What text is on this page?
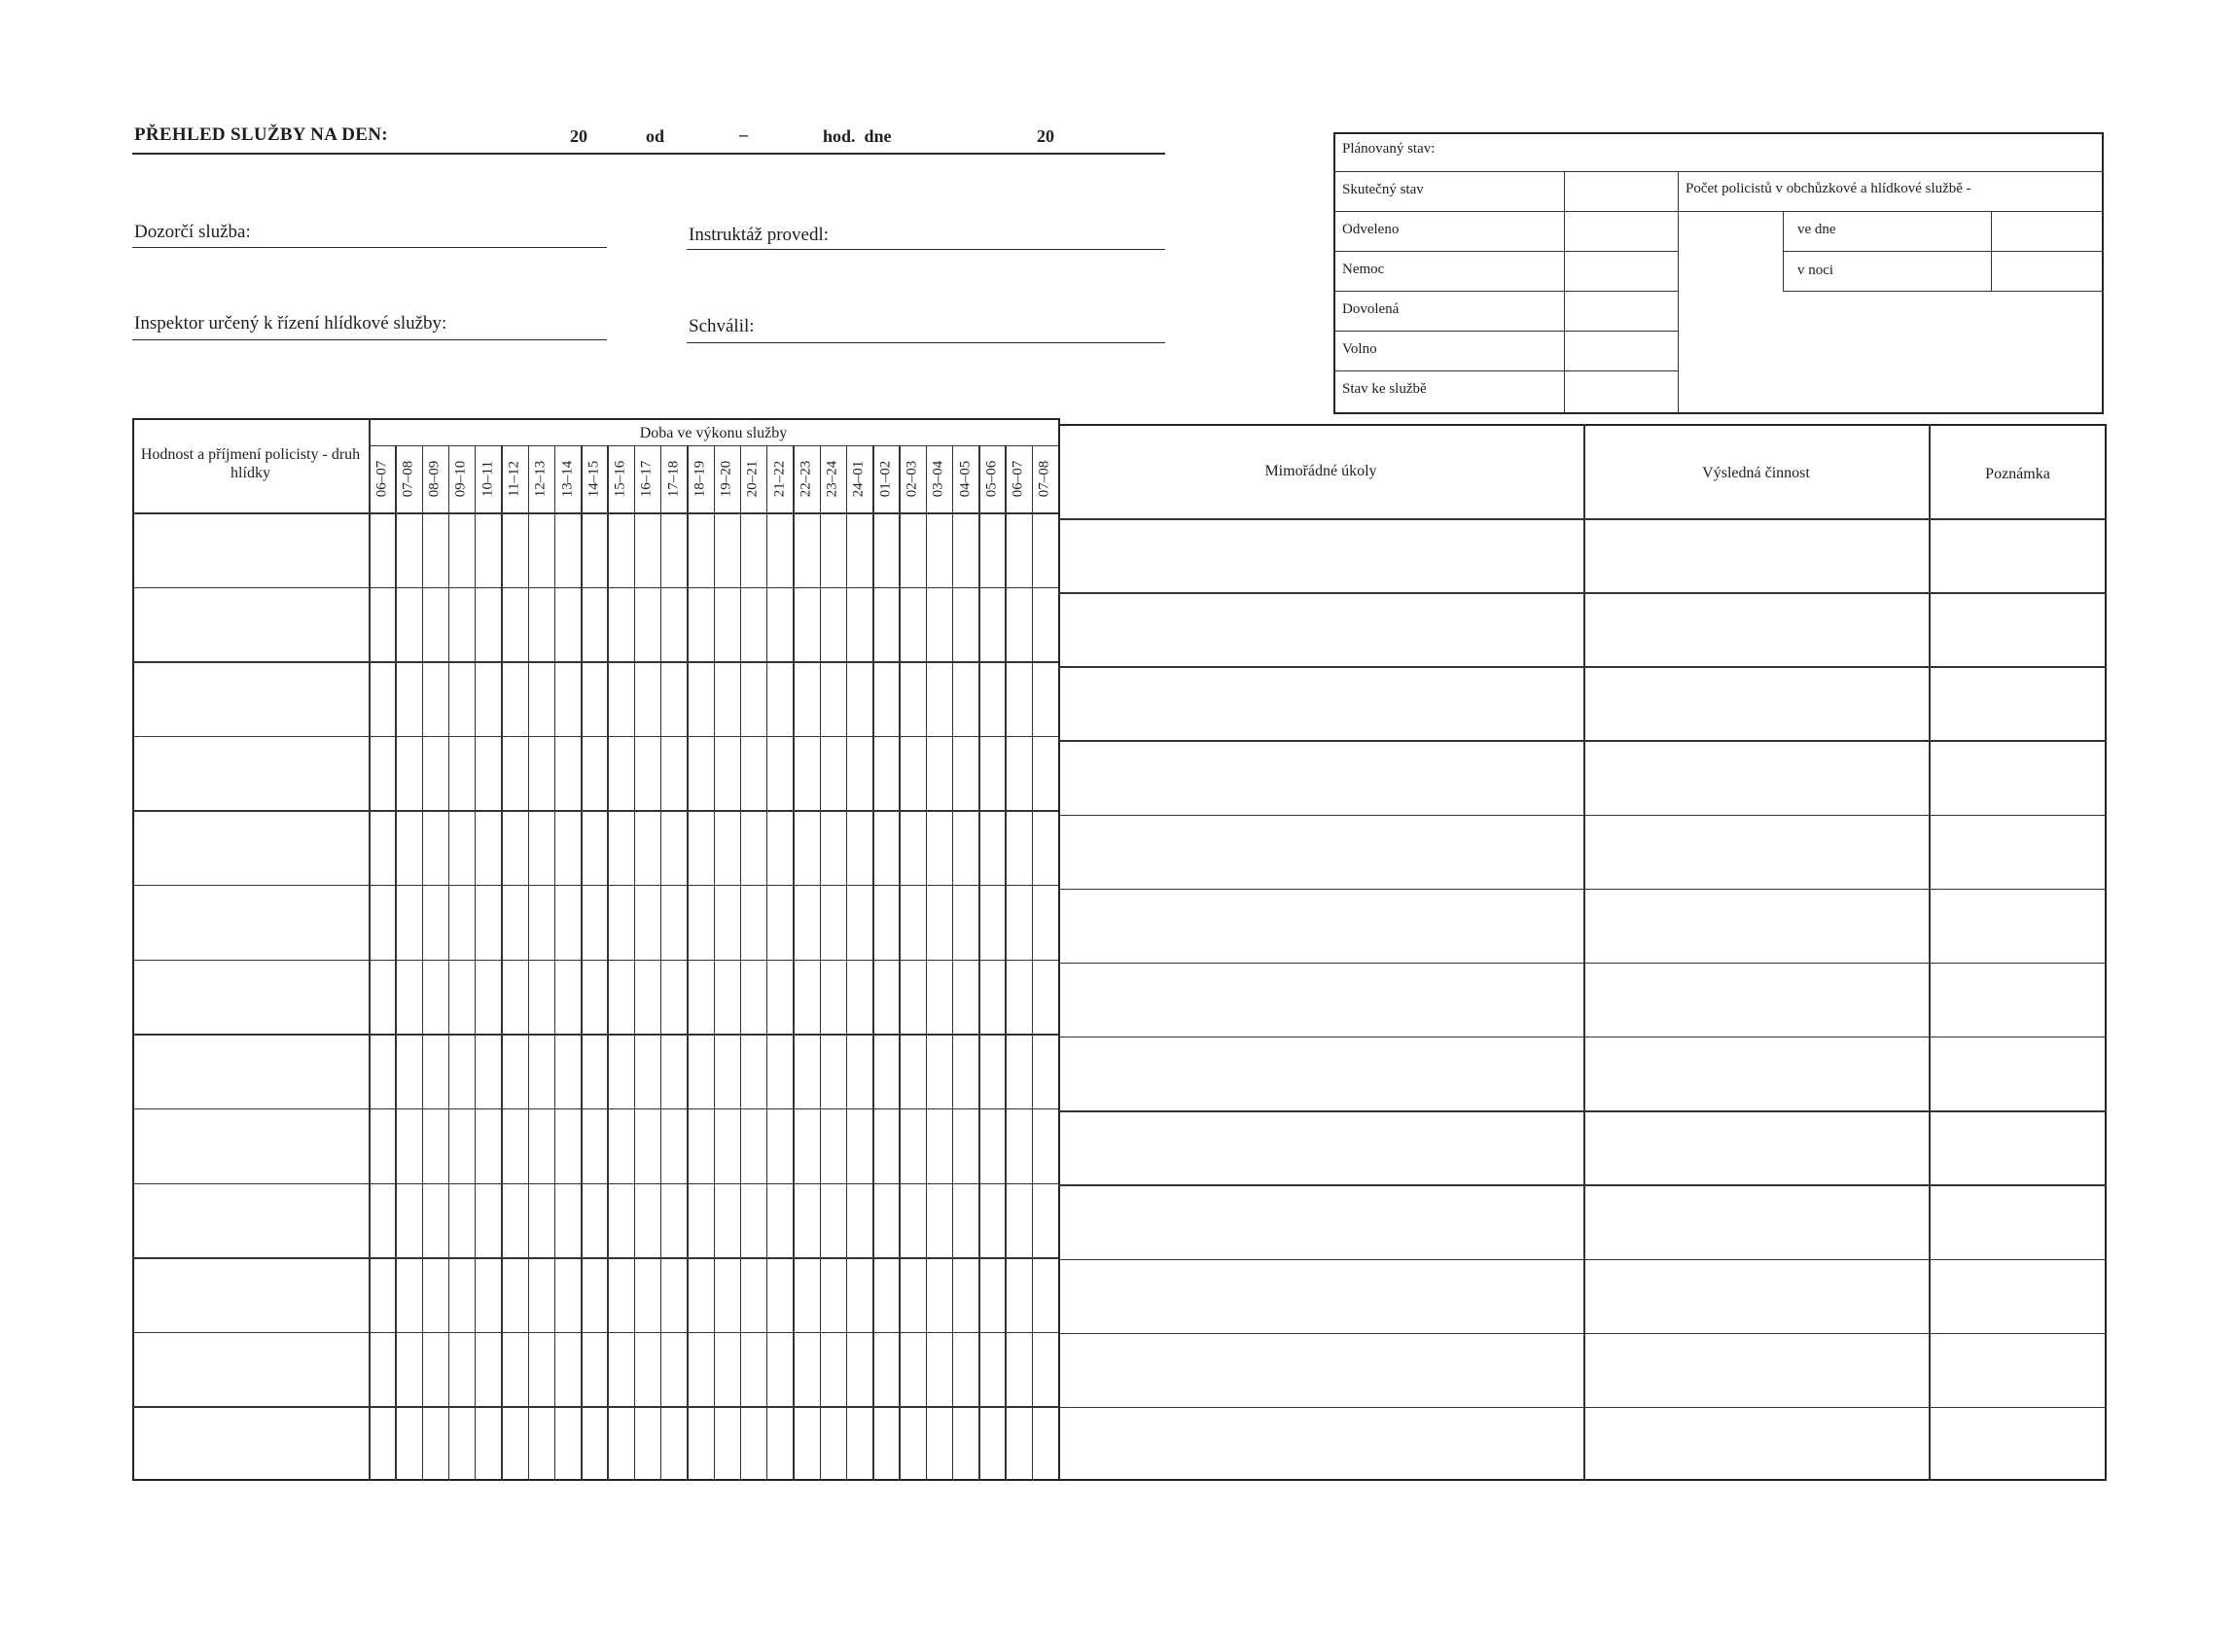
PŘEHLED SLUŽBY NA DEN:	20	od	–	hod.  dne	20
Dozorčí služba:	Instruktáž provedl:
Inspektor určený k řízení hlídkové služby:	Schválil:
Plánovaný stav:
Skutečný stav
Odveleno
Nemoc
Dovolená
Volno
Stav ke službě
Počet policistů v obchůzkové a hlídkové službě -
ve dne
v noci
Hodnost a příjmení policisty - druh hlídky
Doba ve výkonu služby
Mimořádné úkoly	Výsledná činnost	Poznámka
06–07 07–08 08–09 09–10 10–11 11–12 12–13 13–14 14–15 15–16 16–17 17–18 18–19 19–20 20–21 21–22 22–23 23–24 24–01 01–02 02–03 03–04 04–05 05–06 06–07 07–08
